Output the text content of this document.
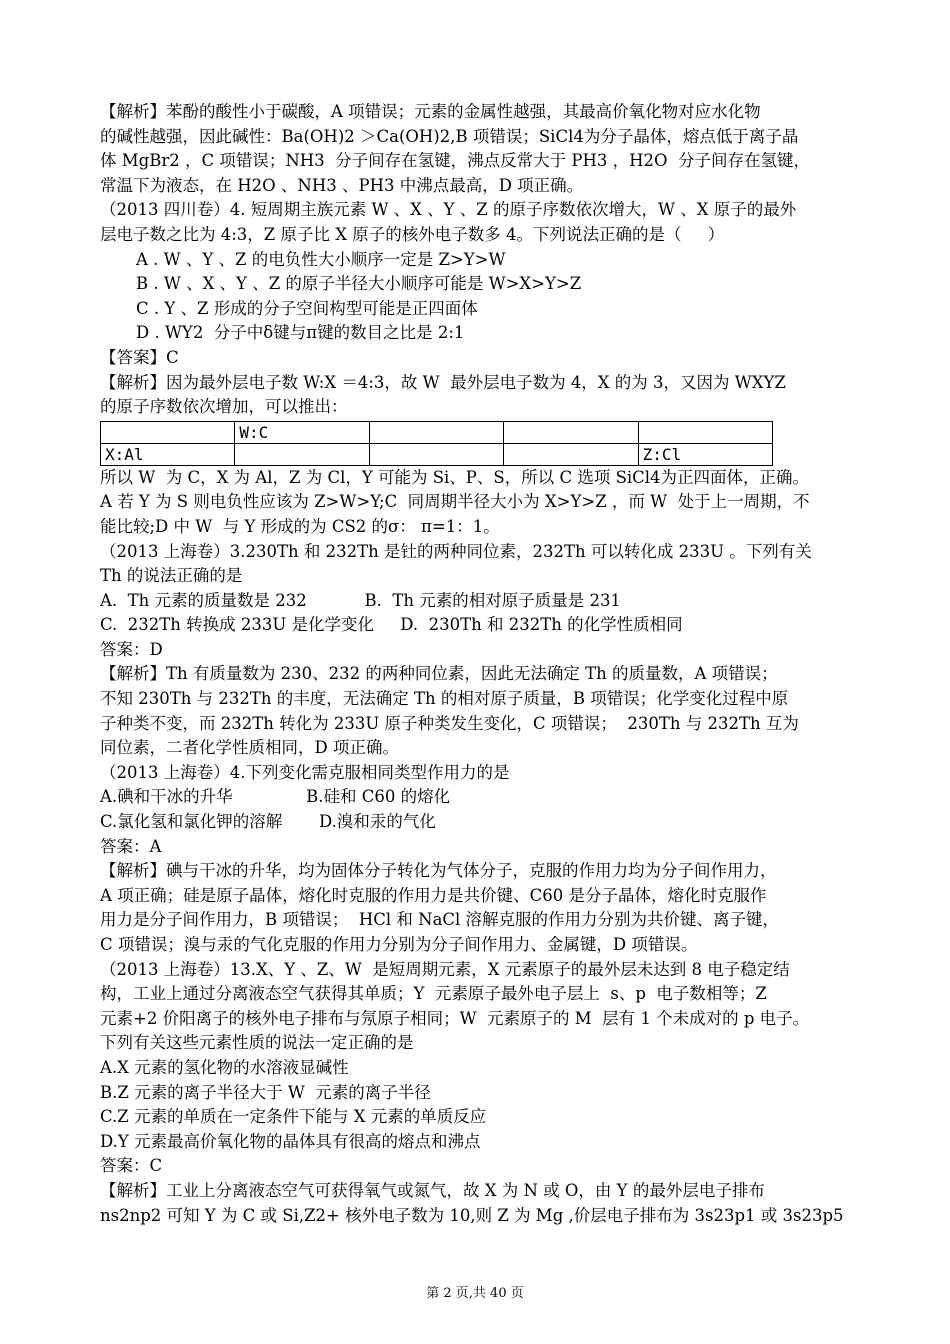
【解析】苯酚的酸性小于碳酸，A 项错误；元素的金属性越强，其最高价氧化物对应水化物
的碱性越强，因此碱性：Ba(OH)2 ＞Ca(OH)2,B 项错误；SiCl4为分子晶体，熔点低于离子晶
体 MgBr2 ，C 项错误；NH3  分子间存在氢键，沸点反常大于 PH3 ，H2O  分子间存在氢键，
常温下为液态，在 H2O 、NH3 、PH3 中沸点最高，D 项正确。
（2013 四川卷）4. 短周期主族元素 W 、X 、Y 、Z 的原子序数依次增大，W 、X 原子的最外
层电子数之比为 4:3，Z 原子比 X 原子的核外电子数多 4。下列说法正确的是（     ）
A . W 、Y 、Z 的电负性大小顺序一定是 Z>Y>W
B . W 、X 、Y 、Z 的原子半径大小顺序可能是 W>X>Y>Z
C . Y 、Z 形成的分子空间构型可能是正四面体
D . WY2  分子中δ键与π键的数目之比是 2:1
【答案】C
【解析】因为最外层电子数 W:X ＝4:3，故 W  最外层电子数为 4，X 的为 3，又因为 WXYZ
的原子序数依次增加，可以推出：
	W:C			
X:Al				Z:Cl
所以 W  为 C，X 为 Al，Z 为 Cl，Y 可能为 Si、P、S，所以 C 选项 SiCl4为正四面体，正确。
A 若 Y 为 S 则电负性应该为 Z>W>Y;C  同周期半径大小为 X>Y>Z ，而 W  处于上一周期，不
能比较;D 中 W  与 Y 形成的为 CS2 的σ： π=1：1。
（2013 上海卷）3.230Th 和 232Th 是钍的两种同位素，232Th 可以转化成 233U 。下列有关
Th 的说法正确的是
A.  Th 元素的质量数是 232           B.  Th 元素的相对原子质量是 231
C.  232Th 转换成 233U 是化学变化     D.  230Th 和 232Th 的化学性质相同
答案：D
【解析】Th 有质量数为 230、232 的两种同位素，因此无法确定 Th 的质量数，A 项错误；
不知 230Th 与 232Th 的丰度，无法确定 Th 的相对原子质量，B 项错误；化学变化过程中原
子种类不变，而 232Th 转化为 233U 原子种类发生变化，C 项错误；  230Th 与 232Th 互为
同位素，二者化学性质相同，D 项正确。
（2013 上海卷）4.下列变化需克服相同类型作用力的是
A.碘和干冰的升华              B.硅和 C60 的熔化
C.氯化氢和氯化钾的溶解       D.溴和汞的气化
答案：A
【解析】碘与干冰的升华，均为固体分子转化为气体分子，克服的作用力均为分子间作用力，
A 项正确；硅是原子晶体，熔化时克服的作用力是共价键、C60 是分子晶体，熔化时克服作
用力是分子间作用力，B 项错误；  HCl 和 NaCl 溶解克服的作用力分别为共价键、离子键，
C 项错误；溴与汞的气化克服的作用力分别为分子间作用力、金属键，D 项错误。
（2013 上海卷）13.X、Y 、Z、W  是短周期元素，X 元素原子的最外层未达到 8 电子稳定结
构，工业上通过分离液态空气获得其单质；Y  元素原子最外电子层上  s、p  电子数相等；Z
元素+2 价阳离子的核外电子排布与氖原子相同；W  元素原子的 M  层有 1 个未成对的 p 电子。
下列有关这些元素性质的说法一定正确的是
A.X 元素的氢化物的水溶液显碱性
B.Z 元素的离子半径大于 W  元素的离子半径
C.Z 元素的单质在一定条件下能与 X 元素的单质反应
D.Y 元素最高价氧化物的晶体具有很高的熔点和沸点
答案：C
【解析】工业上分离液态空气可获得氧气或氮气，故 X 为 N 或 O，由 Y 的最外层电子排布
ns2np2 可知 Y 为 C 或 Si,Z2+ 核外电子数为 10,则 Z 为 Mg ,价层电子排布为 3s23p1 或 3s23p5
第 2 页,共 40 页
